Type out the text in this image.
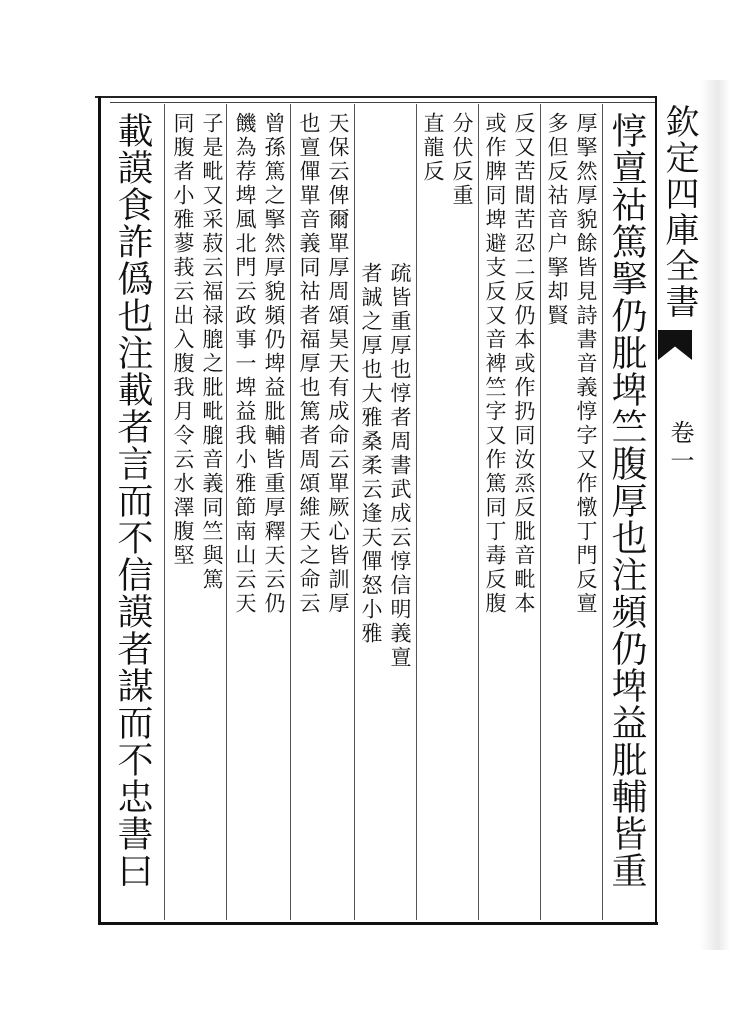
欽定四庫全書
卷一
惇亶祜篤掔仍肶埤竺腹厚也注頻仍埤益肶輔皆重
厚掔然厚貌餘皆見詩書音義惇字又作憞丁門反亶
多但反祜音户掔却賢
反又苦間苦忍二反仍本或作扔同汝烝反肶音毗本
或作脾同埤避支反又音裨竺字又作篤同丁毒反腹
分伏反重
直龍反
疏皆重厚也惇者周書武成云惇信明義亶
者誠之厚也大雅桑柔云逢天僤怒小雅
天保云俾爾單厚周頌昊天有成命云單厥心皆訓厚
也亶僤單音義同祜者福厚也篤者周頌維天之命云
曾孫篤之掔然厚貌頻仍埤益肶輔皆重厚釋天云仍
饑為荐埤風北門云政事一埤益我小雅節南山云天
子是毗又采菽云福禄膍之肶毗膍音義同竺與篤
同腹者小雅蓼莪云出入腹我月令云水澤腹堅
載謨食詐僞也注載者言而不信謨者謀而不忠書曰
